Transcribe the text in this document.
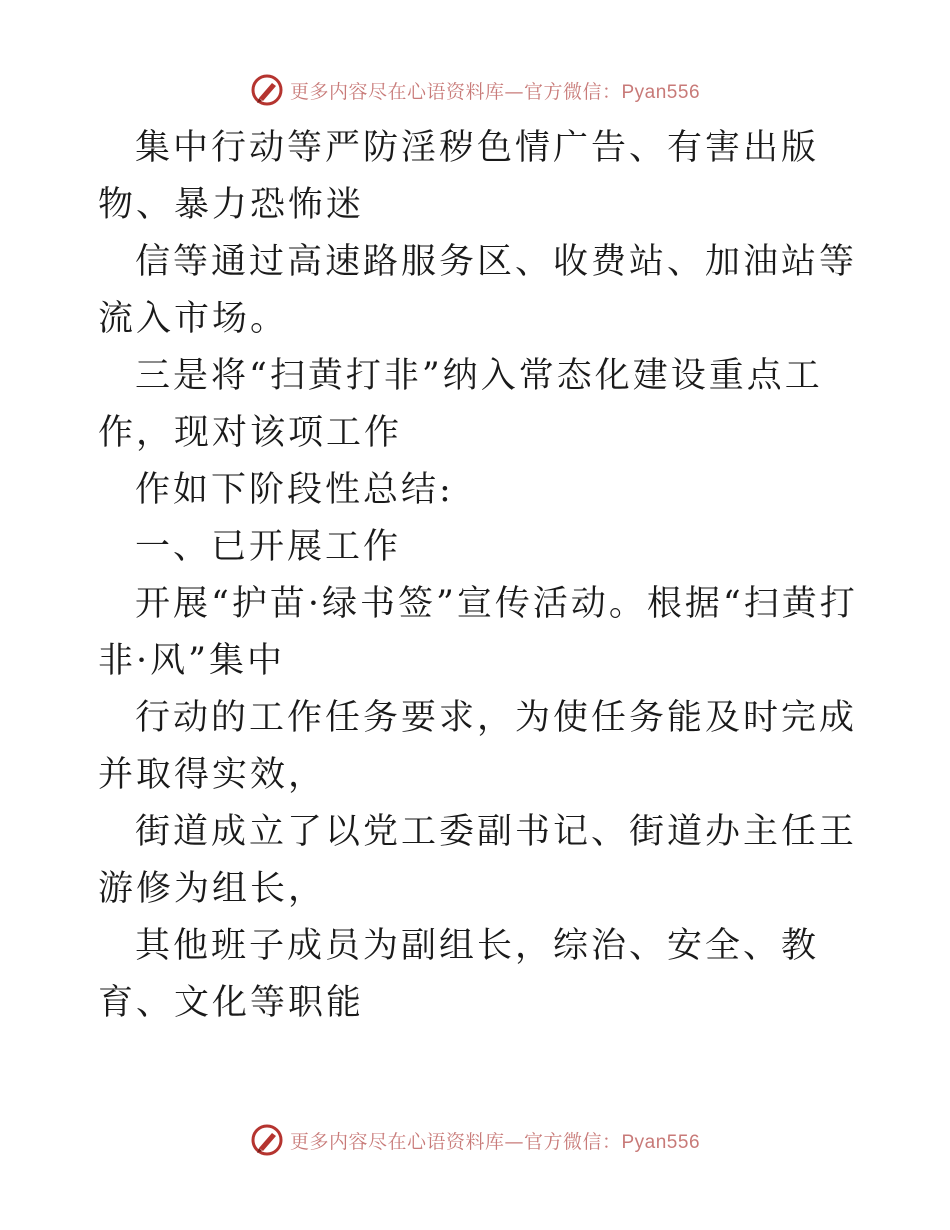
更多内容尽在心语资料库—官方微信：Pyan556

集中行动等严防淫秽色情广告、有害出版物、暴力恐怖迷

信等通过高速路服务区、收费站、加油站等流入市场。

三是将“扫黄打非”纳入常态化建设重点工作，现对该项工作

作如下阶段性总结:

一、已开展工作

开展“护苗·绿书签”宣传活动。根据“扫黄打非·风”集中

行动的工作任务要求，为使任务能及时完成并取得实效，

街道成立了以党工委副书记、街道办主任王游修为组长，

其他班子成员为副组长，综治、安全、教育、文化等职能

更多内容尽在心语资料库—官方微信：Pyan556
